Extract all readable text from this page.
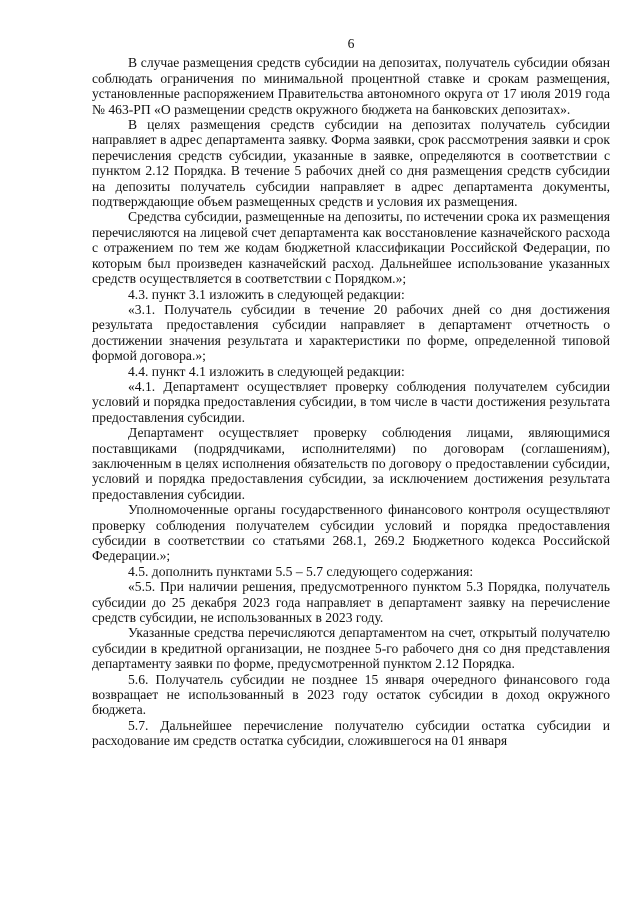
6

В случае размещения средств субсидии на депозитах, получатель субсидии обязан соблюдать ограничения по минимальной процентной ставке и срокам размещения, установленные распоряжением Правительства автономного округа от 17 июля 2019 года № 463-РП «О размещении средств окружного бюджета на банковских депозитах».

В целях размещения средств субсидии на депозитах получатель субсидии направляет в адрес департамента заявку. Форма заявки, срок рассмотрения заявки и срок перечисления средств субсидии, указанные в заявке, определяются в соответствии с пунктом 2.12 Порядка. В течение 5 рабочих дней со дня размещения средств субсидии на депозиты получатель субсидии направляет в адрес департамента документы, подтверждающие объем размещенных средств и условия их размещения.

Средства субсидии, размещенные на депозиты, по истечении срока их размещения перечисляются на лицевой счет департамента как восстановление казначейского расхода с отражением по тем же кодам бюджетной классификации Российской Федерации, по которым был произведен казначейский расход. Дальнейшее использование указанных средств осуществляется в соответствии с Порядком.»;

4.3. пункт 3.1 изложить в следующей редакции:

«3.1. Получатель субсидии в течение 20 рабочих дней со дня достижения результата предоставления субсидии направляет в департамент отчетность о достижении значения результата и характеристики по форме, определенной типовой формой договора.»;

4.4. пункт 4.1 изложить в следующей редакции:

«4.1. Департамент осуществляет проверку соблюдения получателем субсидии условий и порядка предоставления субсидии, в том числе в части достижения результата предоставления субсидии.

Департамент осуществляет проверку соблюдения лицами, являющимися поставщиками (подрядчиками, исполнителями) по договорам (соглашениям), заключенным в целях исполнения обязательств по договору о предоставлении субсидии, условий и порядка предоставления субсидии, за исключением достижения результата предоставления субсидии.

Уполномоченные органы государственного финансового контроля осуществляют проверку соблюдения получателем субсидии условий и порядка предоставления субсидии в соответствии со статьями 268.1, 269.2 Бюджетного кодекса Российской Федерации.»;

4.5. дополнить пунктами 5.5 – 5.7 следующего содержания:

«5.5. При наличии решения, предусмотренного пунктом 5.3 Порядка, получатель субсидии до 25 декабря 2023 года направляет в департамент заявку на перечисление средств субсидии, не использованных в 2023 году.

Указанные средства перечисляются департаментом на счет, открытый получателю субсидии в кредитной организации, не позднее 5-го рабочего дня со дня представления департаменту заявки по форме, предусмотренной пунктом 2.12 Порядка.

5.6. Получатель субсидии не позднее 15 января очередного финансового года возвращает не использованный в 2023 году остаток субсидии в доход окружного бюджета.

5.7. Дальнейшее перечисление получателю субсидии остатка субсидии и расходование им средств остатка субсидии, сложившегося на 01 января
